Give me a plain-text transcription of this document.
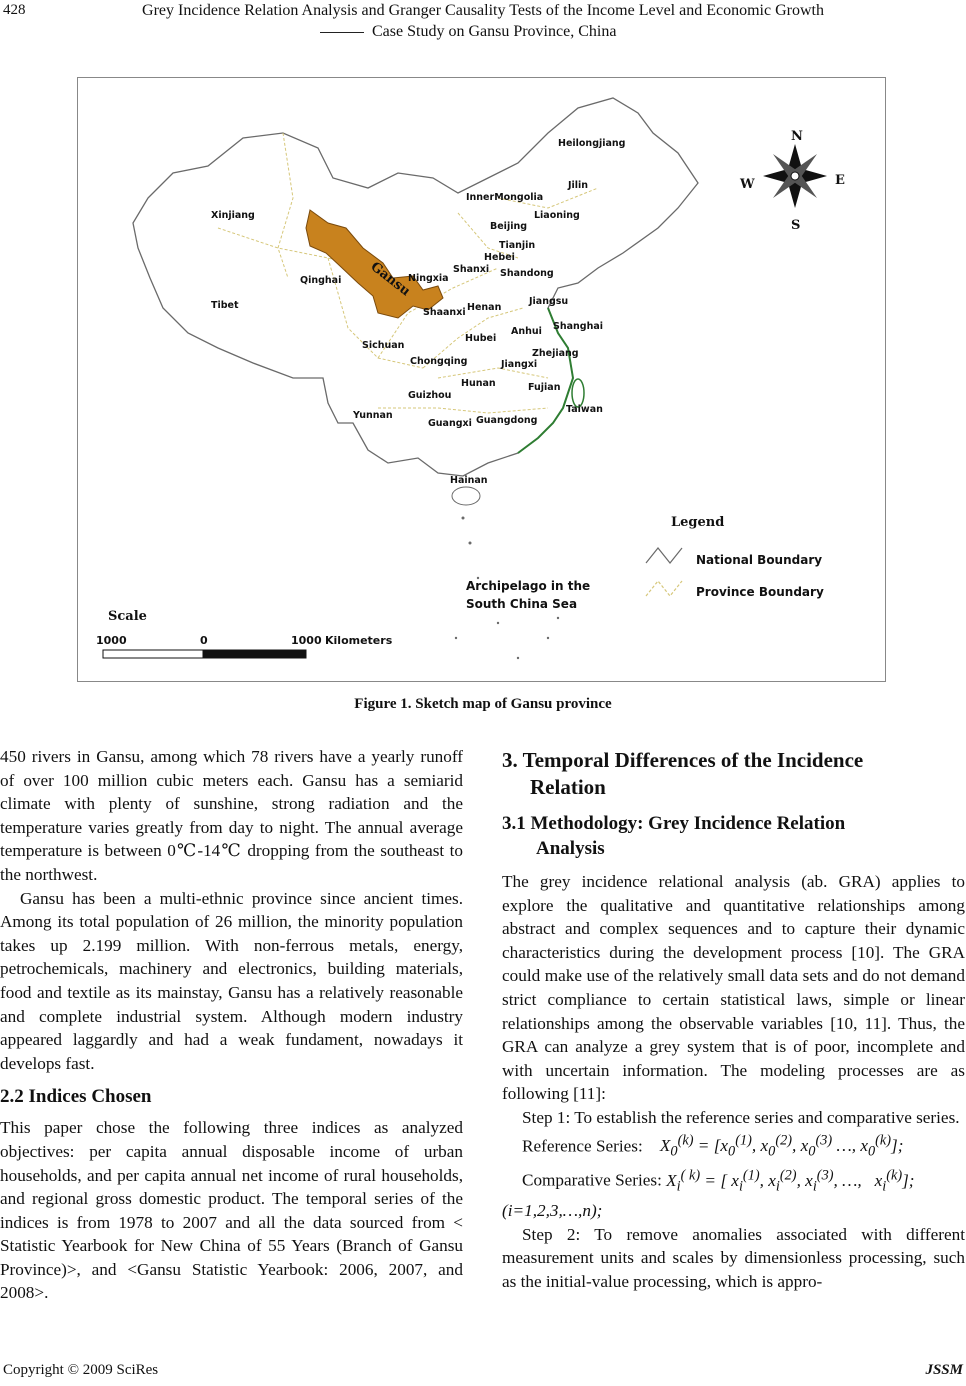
428	Grey Incidence Relation Analysis and Granger Causality Tests of the Income Level and Economic Growth
Case Study on Gansu Province, China
Xinjiang
Tibet
Qinghai Gansu
Ningxia
InnerMongolia
Heilongjiang
Jilin
Liaoning
Beijing
Tianjin
Hebei
Shanxi Shandong
Shaanxi Henan
Jiangsu
Anhui Shanghai
Hubei
Sichuan
Chongqing
Zhejiang
Jiangxi
Hunan	Fujian
Guizhou
Yunnan
Guangxi Guangdong
Taiwan
Hainan
N
S
E
W
Legend
National Boundary
Province Boundary
Archipelago in the
South China Sea
Scale
1000	0	1000 Kilometers
Figure 1. Sketch map of Gansu province

450 rivers in Gansu, among which 78 rivers have a yearly runoff of over 100 million cubic meters each. Gansu has a semiarid climate with plenty of sunshine, strong radiation and the temperature varies greatly from day to night. The annual average temperature is between 0℃-14℃ dropping from the southeast to the northwest.

Gansu has been a multi-ethnic province since ancient times. Among its total population of 26 million, the minority population takes up 2.199 million. With non-ferrous metals, energy, petrochemicals, machinery and electronics, building materials, food and textile as its mainstay, Gansu has a relatively reasonable and complete industrial system. Although modern industry appeared laggardly and had a weak fundament, nowadays it develops fast.

2.2 Indices Chosen

This paper chose the following three indices as analyzed objectives: per capita annual disposable income of urban households, and per capita annual net income of rural households, and regional gross domestic product. The temporal series of the indices is from 1978 to 2007 and all the data sourced from < Statistic Yearbook for New China of 55 Years (Branch of Gansu Province)>, and <Gansu Statistic Yearbook: 2006, 2007, and 2008>.

3. Temporal Differences of the Incidence
Relation
3.1 Methodology: Grey Incidence Relation
Analysis

The grey incidence relational analysis (ab. GRA) applies to explore the qualitative and quantitative relationships among abstract and complex sequences and to capture their dynamic characteristics during the development process [10]. The GRA could make use of the relatively small data sets and do not demand strict compliance to certain statistical laws, simple or linear relationships among the observable variables [10, 11]. Thus, the GRA can analyze a grey system that is of poor, incomplete and with uncertain information. The modeling processes are as following [11]:

Step 1: To establish the reference series and comparative series.

Reference Series:    $X_0^{(k)} = [x_0^{(1)}$, $x_0^{(2)}$, $x_0^{(3)}$ …, $x_0^{(k)}$];

Comparative Series: $X_i^{( k)}$ = [ $x_i^{(1)}$, $x_i^{(2)}$, $x_i^{(3)}$, …,   $x_i^{(k)}$];

(i=1,2,3,…,n);

Step 2: To remove anomalies associated with different measurement units and scales by dimensionless processing, such as the initial-value processing, which is appro-

Copyright © 2009 SciRes	JSSM
